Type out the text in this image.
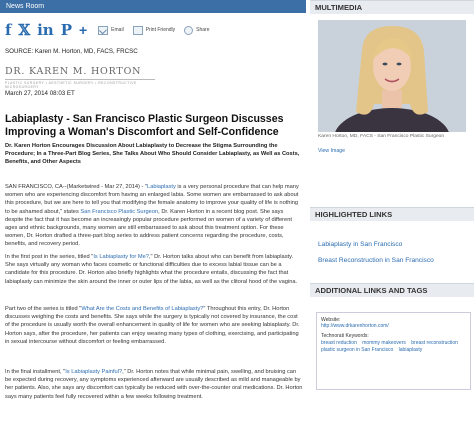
News Room
f 𝕏 in P +	Email	Print Friendly	Share
SOURCE: Karen M. Horton, MD, FACS, FRCSC
DR. KAREN M. HORTON
PLASTIC SURGERY • AESTHETIC SURGERY • RECONSTRUCTIVE MICROSURGERY
March 27, 2014 08:03 ET
Labiaplasty - San Francisco Plastic Surgeon Discusses Improving a Woman's Discomfort and Self-Confidence

Dr. Karen Horton Encourages Discussion About Labiaplasty to Decrease the Stigma Surrounding the Procedure; In a Three-Part Blog Series, She Talks About Who Should Consider Labiaplasty, as Well as Costs, Benefits, and Other Aspects

SAN FRANCISCO, CA--(Marketwired - Mar 27, 2014) - "Labiaplasty is a very personal procedure that can help many women who are experiencing discomfort from having an enlarged labia. Some women are embarrassed to ask about this procedure, but we are here to tell you that modifying the female anatomy to improve your quality of life is nothing to be ashamed about," states San Francisco Plastic Surgeon, Dr. Karen Horton in a recent blog post. She says despite the fact that it has become an increasingly popular procedure performed on women of a variety of different ages and ethnic backgrounds, many women are still embarrassed to ask about this treatment option. For these women, Dr. Horton drafted a three-part blog series to address patient concerns regarding the procedure, costs, benefits, and recovery period.

In the first post in the series, titled "Is Labiaplasty for Me?," Dr. Horton talks about who can benefit from labiaplasty. She says virtually any woman who faces cosmetic or functional difficulties due to excess labial tissue can be a candidate for this procedure. Dr. Horton also briefly highlights what the procedure entails, discussing the fact that labiaplasty can minimize the skin around the inner or outer lips of the labia, as well as the clitoral hood of the vagina.

Part two of the series is titled "What Are the Costs and Benefits of Labiaplasty?" Throughout this entry, Dr. Horton discusses weighing the costs and benefits. She says while the surgery is typically not covered by insurance, the cost of the procedure is usually worth the overall enhancement in quality of life for women who are seeking labiaplasty. Dr. Horton says, after the procedure, her patients can enjoy wearing many types of clothing, exercising, and participating in sexual intercourse without discomfort or feeling embarrassed.

In the final installment, "Is Labiaplasty Painful?," Dr. Horton notes that while minimal pain, swelling, and bruising can be expected during recovery, any symptoms experienced afterward are usually described as mild and manageable by her patients. Also, she says any discomfort can typically be reduced with over-the-counter oral medications. Dr. Horton says many patients feel fully recovered within a few weeks following treatment.

MULTIMEDIA
Karen Horton, MD, FACS - San Francisco Plastic Surgeon
View Image
HIGHLIGHTED LINKS
Labiaplasty in San Francisco
Breast Reconstruction in San Francisco
ADDITIONAL LINKS AND TAGS
Website:
http://www.drkarenhorton.com/
Technorati Keywords:
breast reduction mommy makeovers breast reconstruction plastic surgeon in San Francisco labiaplasty
